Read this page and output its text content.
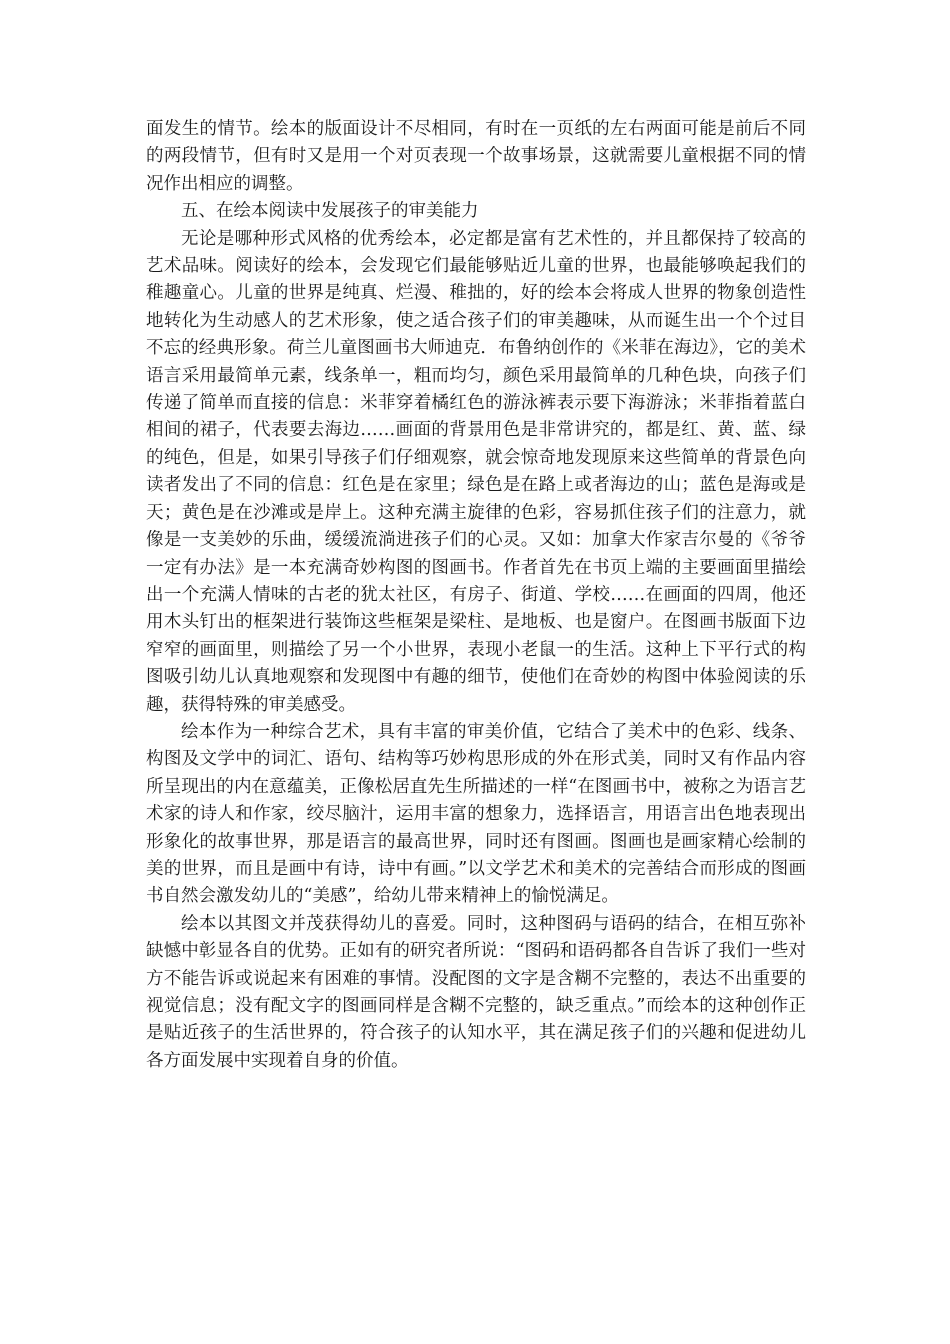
面发生的情节。绘本的版面设计不尽相同，有时在一页纸的左右两面可能是前后不同的两段情节，但有时又是用一个对页表现一个故事场景，这就需要儿童根据不同的情况作出相应的调整。

五、在绘本阅读中发展孩子的审美能力

无论是哪种形式风格的优秀绘本，必定都是富有艺术性的，并且都保持了较高的艺术品味。阅读好的绘本，会发现它们最能够贴近儿童的世界，也最能够唤起我们的稚趣童心。儿童的世界是纯真、烂漫、稚拙的，好的绘本会将成人世界的物象创造性地转化为生动感人的艺术形象，使之适合孩子们的审美趣味，从而诞生出一个个过目不忘的经典形象。荷兰儿童图画书大师迪克．布鲁纳创作的《米菲在海边》，它的美术语言采用最简单元素，线条单一，粗而均匀，颜色采用最简单的几种色块，向孩子们传递了简单而直接的信息：米菲穿着橘红色的游泳裤表示要下海游泳；米菲指着蓝白相间的裙子，代表要去海边……画面的背景用色是非常讲究的，都是红、黄、蓝、绿的纯色，但是，如果引导孩子们仔细观察，就会惊奇地发现原来这些简单的背景色向读者发出了不同的信息：红色是在家里；绿色是在路上或者海边的山；蓝色是海或是天；黄色是在沙滩或是岸上。这种充满主旋律的色彩，容易抓住孩子们的注意力，就像是一支美妙的乐曲，缓缓流淌进孩子们的心灵。又如：加拿大作家吉尔曼的《爷爷一定有办法》是一本充满奇妙构图的图画书。作者首先在书页上端的主要画面里描绘出一个充满人情味的古老的犹太社区，有房子、街道、学校……在画面的四周，他还用木头钉出的框架进行装饰这些框架是梁柱、是地板、也是窗户。在图画书版面下边窄窄的画面里，则描绘了另一个小世界，表现小老鼠一的生活。这种上下平行式的构图吸引幼儿认真地观察和发现图中有趣的细节，使他们在奇妙的构图中体验阅读的乐趣，获得特殊的审美感受。

绘本作为一种综合艺术，具有丰富的审美价值，它结合了美术中的色彩、线条、构图及文学中的词汇、语句、结构等巧妙构思形成的外在形式美，同时又有作品内容所呈现出的内在意蕴美，正像松居直先生所描述的一样“在图画书中，被称之为语言艺术家的诗人和作家，绞尽脑汁，运用丰富的想象力，选择语言，用语言出色地表现出形象化的故事世界，那是语言的最高世界，同时还有图画。图画也是画家精心绘制的美的世界，而且是画中有诗，诗中有画。”以文学艺术和美术的完善结合而形成的图画书自然会激发幼儿的“美感”，给幼儿带来精神上的愉悦满足。

绘本以其图文并茂获得幼儿的喜爱。同时，这种图码与语码的结合，在相互弥补缺憾中彰显各自的优势。正如有的研究者所说：“图码和语码都各自告诉了我们一些对方不能告诉或说起来有困难的事情。没配图的文字是含糊不完整的，表达不出重要的视觉信息；没有配文字的图画同样是含糊不完整的，缺乏重点。”而绘本的这种创作正是贴近孩子的生活世界的，符合孩子的认知水平，其在满足孩子们的兴趣和促进幼儿各方面发展中实现着自身的价值。
